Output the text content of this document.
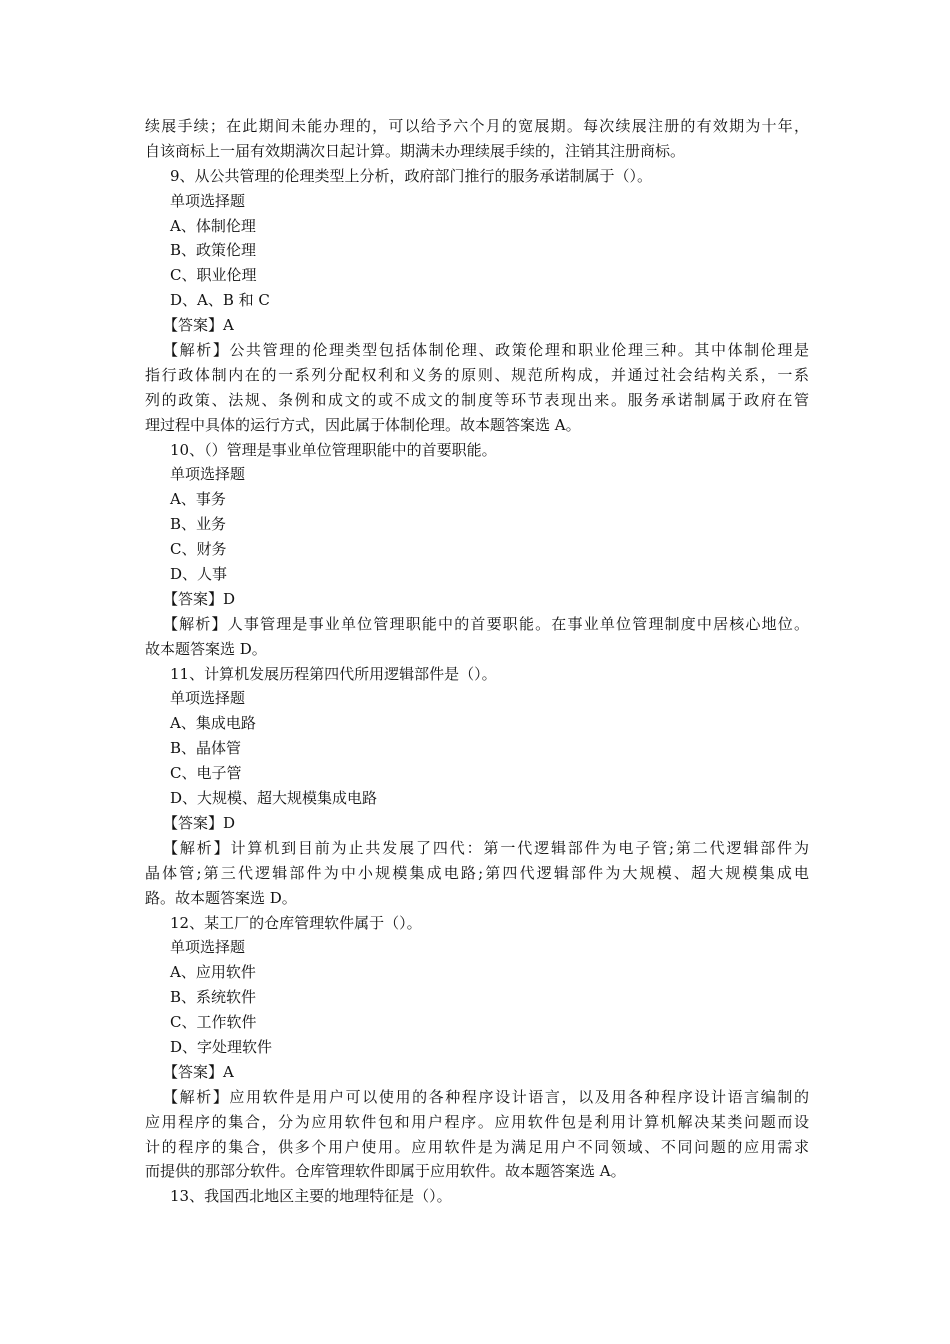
续展手续；在此期间未能办理的，可以给予六个月的宽展期。每次续展注册的有效期为十年，
自该商标上一届有效期满次日起计算。期满未办理续展手续的，注销其注册商标。
9、从公共管理的伦理类型上分析，政府部门推行的服务承诺制属于（）。
单项选择题
A、体制伦理
B、政策伦理
C、职业伦理
D、A、B 和 C
【答案】A
【解析】公共管理的伦理类型包括体制伦理、政策伦理和职业伦理三种。其中体制伦理是
指行政体制内在的一系列分配权利和义务的原则、规范所构成，并通过社会结构关系，一系
列的政策、法规、条例和成文的或不成文的制度等环节表现出来。服务承诺制属于政府在管
理过程中具体的运行方式，因此属于体制伦理。故本题答案选 A。
10、（）管理是事业单位管理职能中的首要职能。
单项选择题
A、事务
B、业务
C、财务
D、人事
【答案】D
【解析】人事管理是事业单位管理职能中的首要职能。在事业单位管理制度中居核心地位。
故本题答案选 D。
11、计算机发展历程第四代所用逻辑部件是（）。
单项选择题
A、集成电路
B、晶体管
C、电子管
D、大规模、超大规模集成电路
【答案】D
【解析】计算机到目前为止共发展了四代：第一代逻辑部件为电子管;第二代逻辑部件为
晶体管;第三代逻辑部件为中小规模集成电路;第四代逻辑部件为大规模、超大规模集成电
路。故本题答案选 D。
12、某工厂的仓库管理软件属于（）。
单项选择题
A、应用软件
B、系统软件
C、工作软件
D、字处理软件
【答案】A
【解析】应用软件是用户可以使用的各种程序设计语言，以及用各种程序设计语言编制的
应用程序的集合，分为应用软件包和用户程序。应用软件包是利用计算机解决某类问题而设
计的程序的集合，供多个用户使用。应用软件是为满足用户不同领域、不同问题的应用需求
而提供的那部分软件。仓库管理软件即属于应用软件。故本题答案选 A。
13、我国西北地区主要的地理特征是（）。
